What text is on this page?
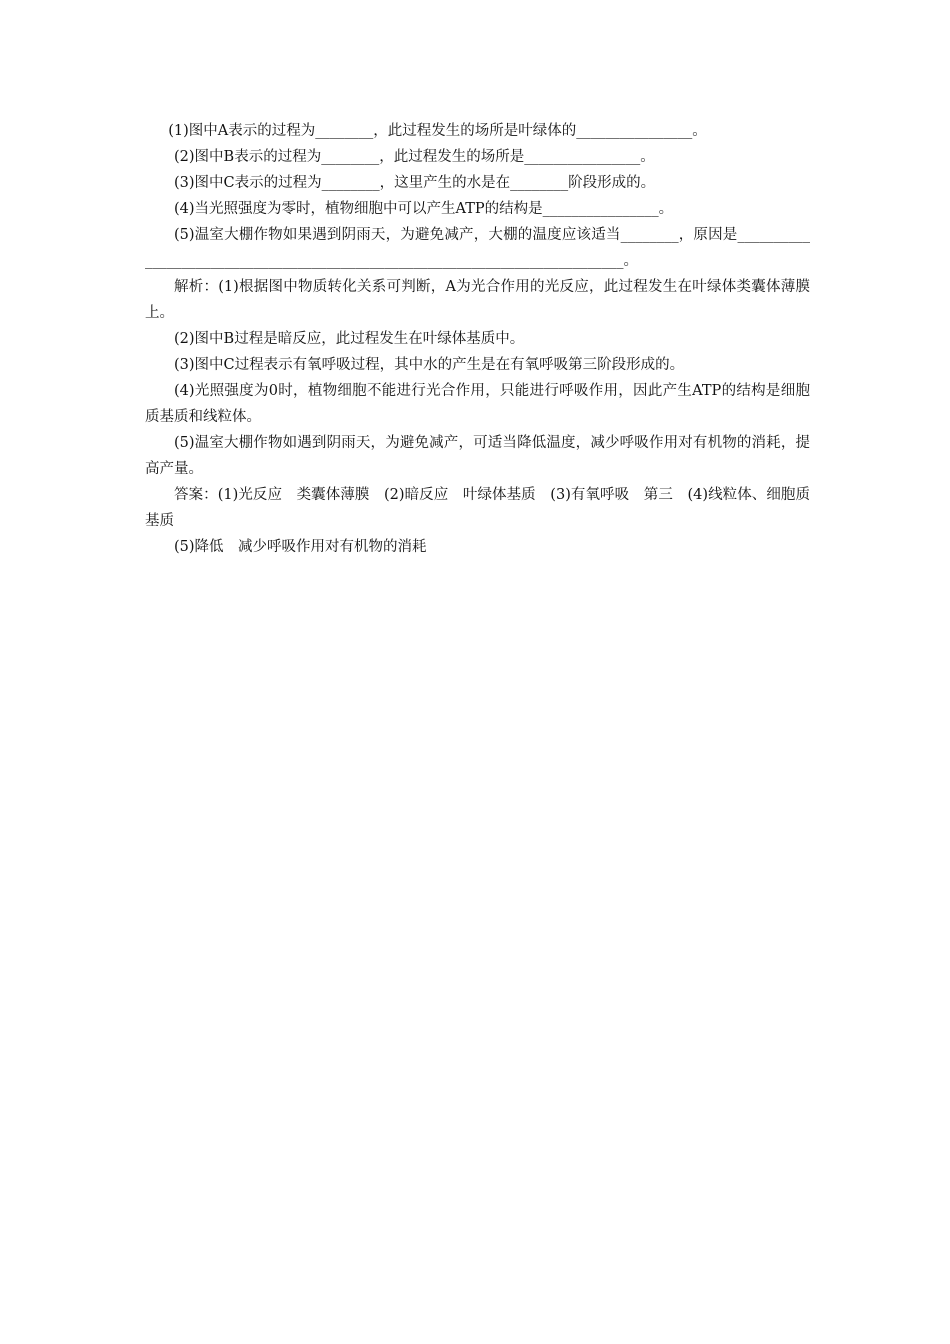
(1)图中A表示的过程为________，此过程发生的场所是叶绿体的________________。

(2)图中B表示的过程为________，此过程发生的场所是________________。

(3)图中C表示的过程为________，这里产生的水是在________阶段形成的。

(4)当光照强度为零时，植物细胞中可以产生ATP的结构是________________。

(5)温室大棚作物如果遇到阴雨天，为避免减产，大棚的温度应该适当________，原因是____________________________________________________________________________。

解析：(1)根据图中物质转化关系可判断，A为光合作用的光反应，此过程发生在叶绿体类囊体薄膜上。

(2)图中B过程是暗反应，此过程发生在叶绿体基质中。

(3)图中C过程表示有氧呼吸过程，其中水的产生是在有氧呼吸第三阶段形成的。

(4)光照强度为0时，植物细胞不能进行光合作用，只能进行呼吸作用，因此产生ATP的结构是细胞质基质和线粒体。

(5)温室大棚作物如遇到阴雨天，为避免减产，可适当降低温度，减少呼吸作用对有机物的消耗，提高产量。

答案：(1)光反应　类囊体薄膜　(2)暗反应　叶绿体基质　(3)有氧呼吸　第三　(4)线粒体、细胞质基质

(5)降低　减少呼吸作用对有机物的消耗
